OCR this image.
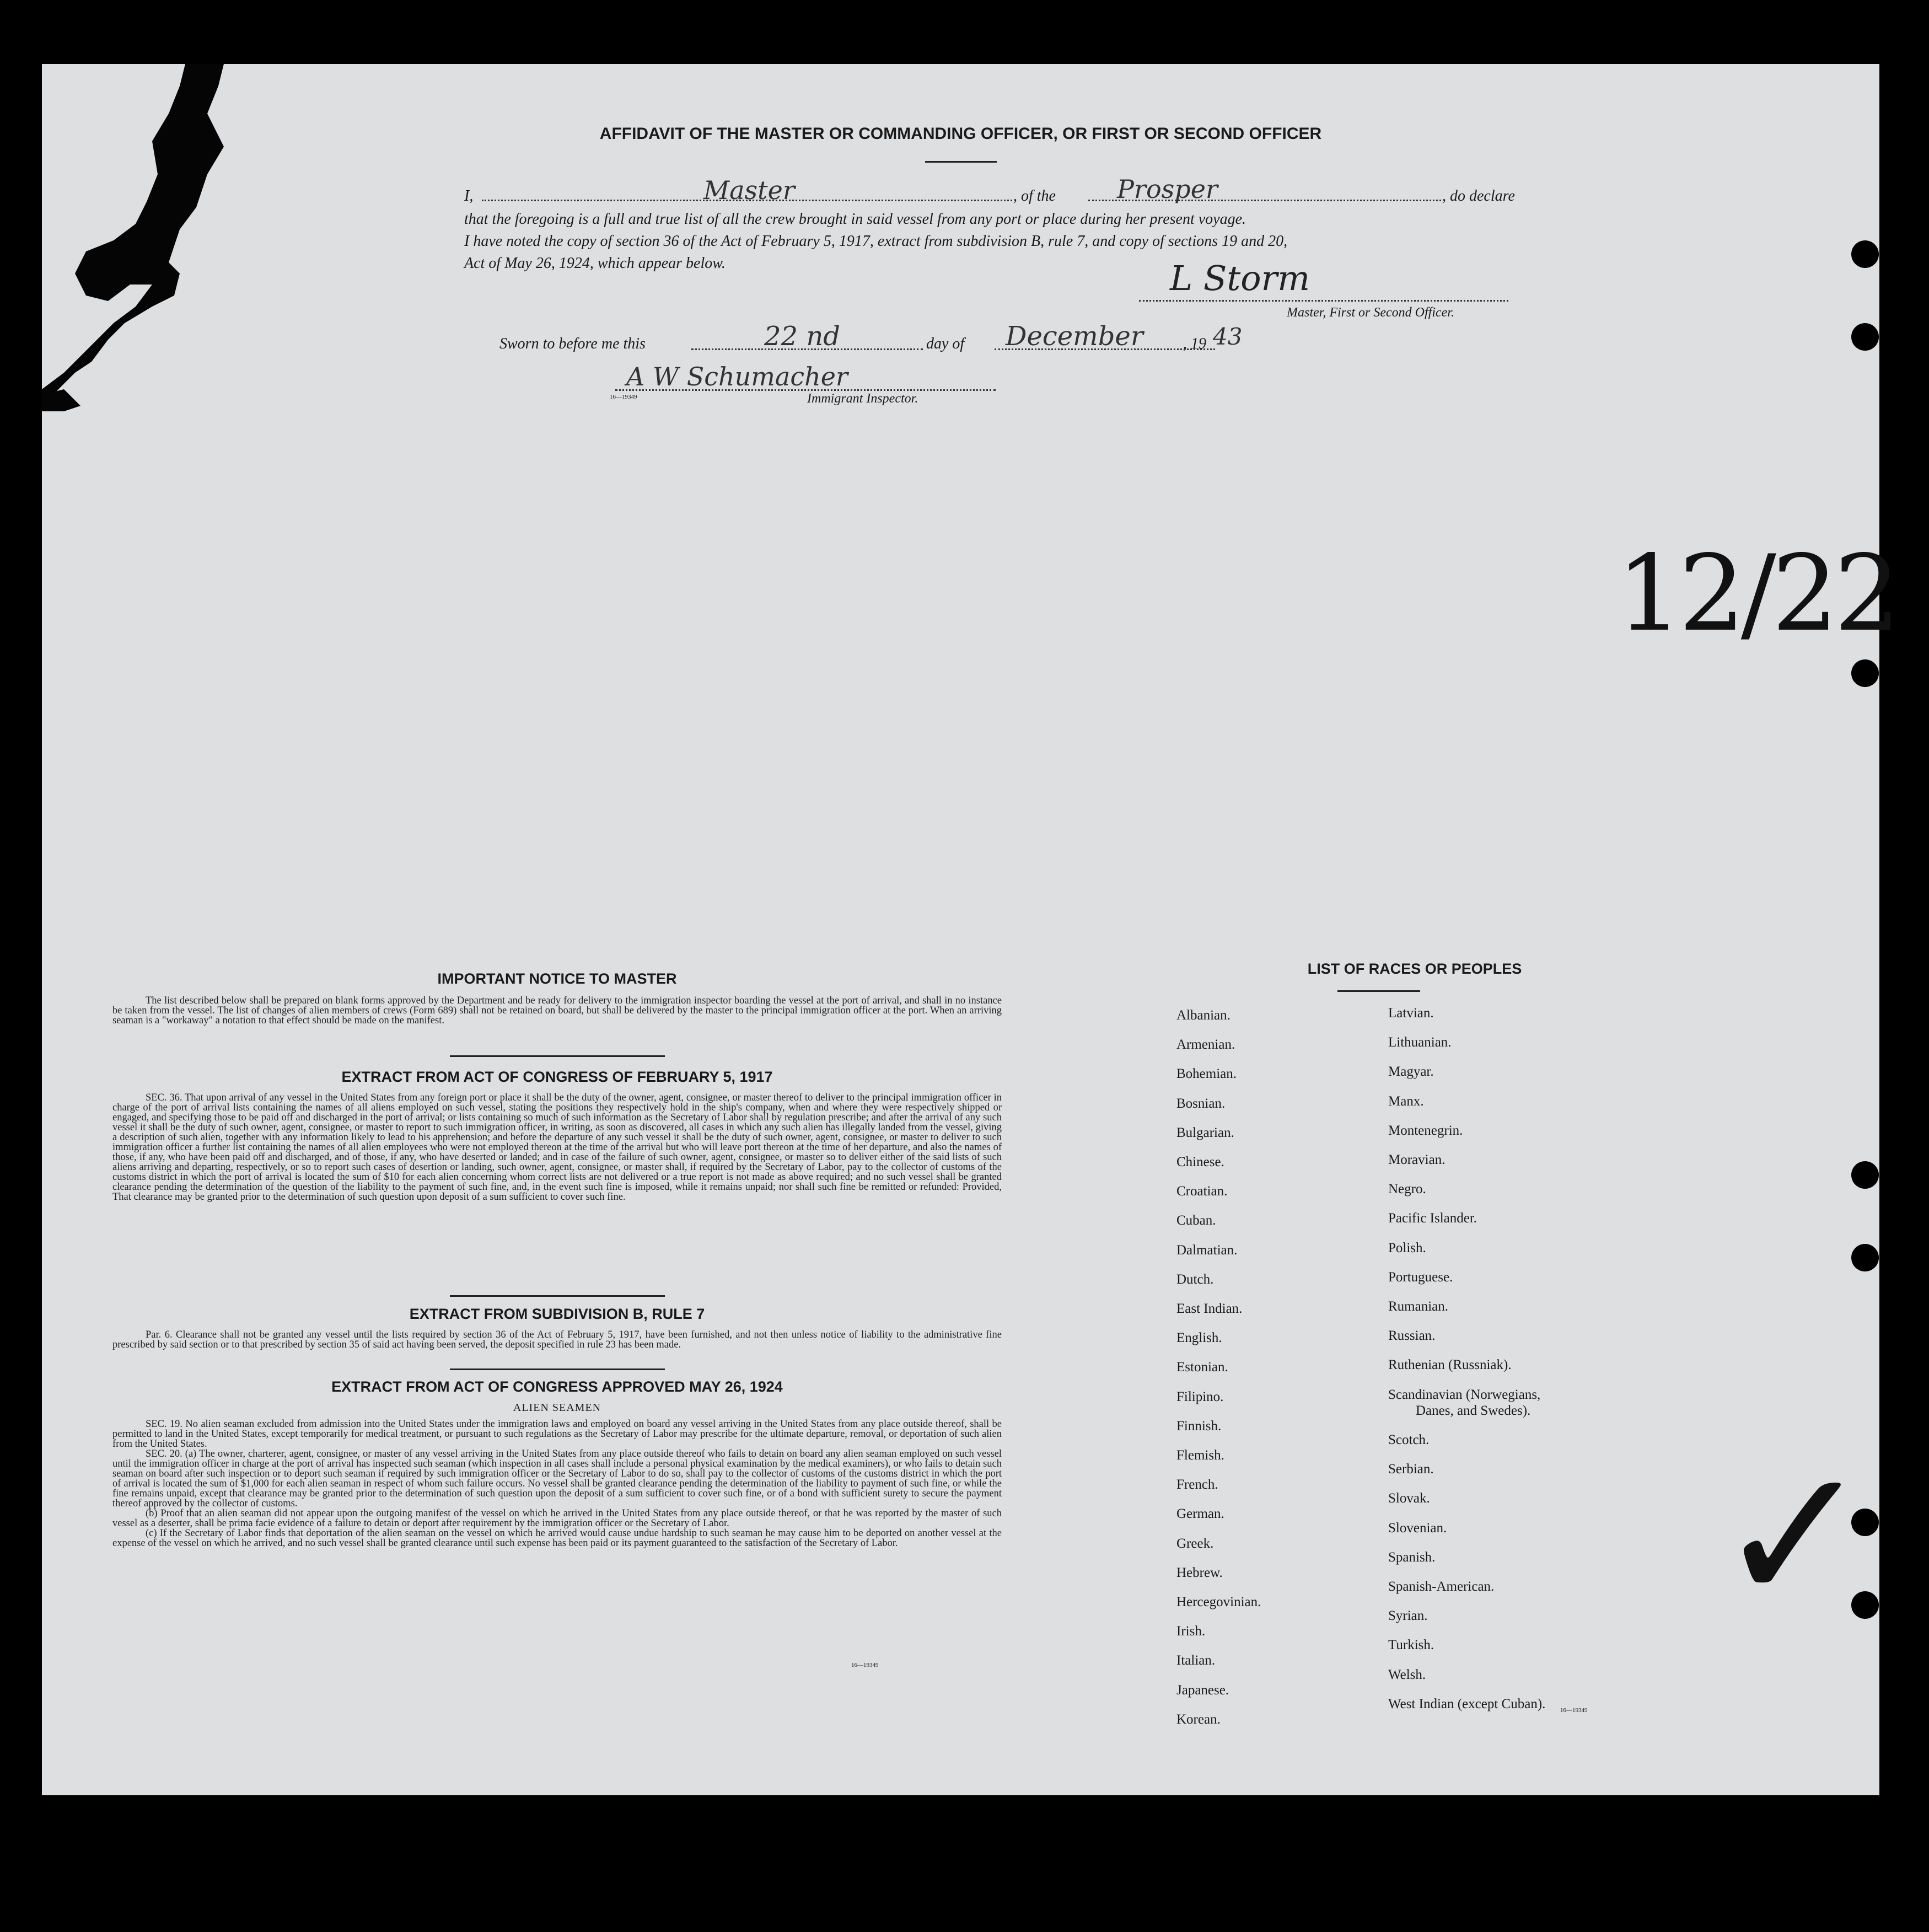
AFFIDAVIT OF THE MASTER OR COMMANDING OFFICER, OR FIRST OR SECOND OFFICER
I,	Master	, of the Prosper	, do declare
that the foregoing is a full and true list of all the crew brought in said vessel from any port or place during her present voyage.
I have noted the copy of section 36 of the Act of February 5, 1917, extract from subdivision B, rule 7, and copy of sections 19 and 20,
Act of May 26, 1924, which appear below.	L Storm
Master, First or Second Officer.
Sworn to before me this	22 nd	day of December	, 19 43
A W Schumacher
16—19349	Immigrant Inspector.
12/22
✓
IMPORTANT NOTICE TO MASTER

The list described below shall be prepared on blank forms approved by the Department and be ready for delivery to the immigration inspector boarding the vessel at the port of arrival, and shall in no instance be taken from the vessel. The list of changes of alien members of crews (Form 689) shall not be retained on board, but shall be delivered by the master to the principal immigration officer at the port. When an arriving seaman is a "workaway" a notation to that effect should be made on the manifest.

EXTRACT FROM ACT OF CONGRESS OF FEBRUARY 5, 1917

SEC. 36. That upon arrival of any vessel in the United States from any foreign port or place it shall be the duty of the owner, agent, consignee, or master thereof to deliver to the principal immigration officer in charge of the port of arrival lists containing the names of all aliens employed on such vessel, stating the positions they respectively hold in the ship's company, when and where they were respectively shipped or engaged, and specifying those to be paid off and discharged in the port of arrival; or lists containing so much of such information as the Secretary of Labor shall by regulation prescribe; and after the arrival of any such vessel it shall be the duty of such owner, agent, consignee, or master to report to such immigration officer, in writing, as soon as discovered, all cases in which any such alien has illegally landed from the vessel, giving a description of such alien, together with any information likely to lead to his apprehension; and before the departure of any such vessel it shall be the duty of such owner, agent, consignee, or master to deliver to such immigration officer a further list containing the names of all alien employees who were not employed thereon at the time of the arrival but who will leave port thereon at the time of her departure, and also the names of those, if any, who have been paid off and discharged, and of those, if any, who have deserted or landed; and in case of the failure of such owner, agent, consignee, or master so to deliver either of the said lists of such aliens arriving and departing, respectively, or so to report such cases of desertion or landing, such owner, agent, consignee, or master shall, if required by the Secretary of Labor, pay to the collector of customs of the customs district in which the port of arrival is located the sum of $10 for each alien concerning whom correct lists are not delivered or a true report is not made as above required; and no such vessel shall be granted clearance pending the determination of the question of the liability to the payment of such fine, and, in the event such fine is imposed, while it remains unpaid; nor shall such fine be remitted or refunded: Provided, That clearance may be granted prior to the determination of such question upon deposit of a sum sufficient to cover such fine.

EXTRACT FROM SUBDIVISION B, RULE 7

Par. 6. Clearance shall not be granted any vessel until the lists required by section 36 of the Act of February 5, 1917, have been furnished, and not then unless notice of liability to the administrative fine prescribed by said section or to that prescribed by section 35 of said act having been served, the deposit specified in rule 23 has been made.

EXTRACT FROM ACT OF CONGRESS APPROVED MAY 26, 1924
ALIEN SEAMEN

SEC. 19. No alien seaman excluded from admission into the United States under the immigration laws and employed on board any vessel arriving in the United States from any place outside thereof, shall be permitted to land in the United States, except temporarily for medical treatment, or pursuant to such regulations as the Secretary of Labor may prescribe for the ultimate departure, removal, or deportation of such alien from the United States.

SEC. 20. (a) The owner, charterer, agent, consignee, or master of any vessel arriving in the United States from any place outside thereof who fails to detain on board any alien seaman employed on such vessel until the immigration officer in charge at the port of arrival has inspected such seaman (which inspection in all cases shall include a personal physical examination by the medical examiners), or who fails to detain such seaman on board after such inspection or to deport such seaman if required by such immigration officer or the Secretary of Labor to do so, shall pay to the collector of customs of the customs district in which the port of arrival is located the sum of $1,000 for each alien seaman in respect of whom such failure occurs. No vessel shall be granted clearance pending the determination of the liability to payment of such fine, or while the fine remains unpaid, except that clearance may be granted prior to the determination of such question upon the deposit of a sum sufficient to cover such fine, or of a bond with sufficient surety to secure the payment thereof approved by the collector of customs.

(b) Proof that an alien seaman did not appear upon the outgoing manifest of the vessel on which he arrived in the United States from any place outside thereof, or that he was reported by the master of such vessel as a deserter, shall be prima facie evidence of a failure to detain or deport after requirement by the immigration officer or the Secretary of Labor.

(c) If the Secretary of Labor finds that deportation of the alien seaman on the vessel on which he arrived would cause undue hardship to such seaman he may cause him to be deported on another vessel at the expense of the vessel on which he arrived, and no such vessel shall be granted clearance until such expense has been paid or its payment guaranteed to the satisfaction of the Secretary of Labor.

16—19349
LIST OF RACES OR PEOPLES
Albanian.
Armenian.
Bohemian.
Bosnian.
Bulgarian.
Chinese.
Croatian.
Cuban.
Dalmatian.
Dutch.
East Indian.
English.
Estonian.
Filipino.
Finnish.
Flemish.
French.
German.
Greek.
Hebrew.
Hercegovinian.
Irish.
Italian.
Japanese.
Korean.
Latvian.
Lithuanian.
Magyar.
Manx.
Montenegrin.
Moravian.
Negro.
Pacific Islander.
Polish.
Portuguese.
Rumanian.
Russian.
Ruthenian (Russniak).
Scandinavian (Norwegians,
Danes, and Swedes).
Scotch.
Serbian.
Slovak.
Slovenian.
Spanish.
Spanish-American.
Syrian.
Turkish.
Welsh.
West Indian (except Cuban). 16—19349
